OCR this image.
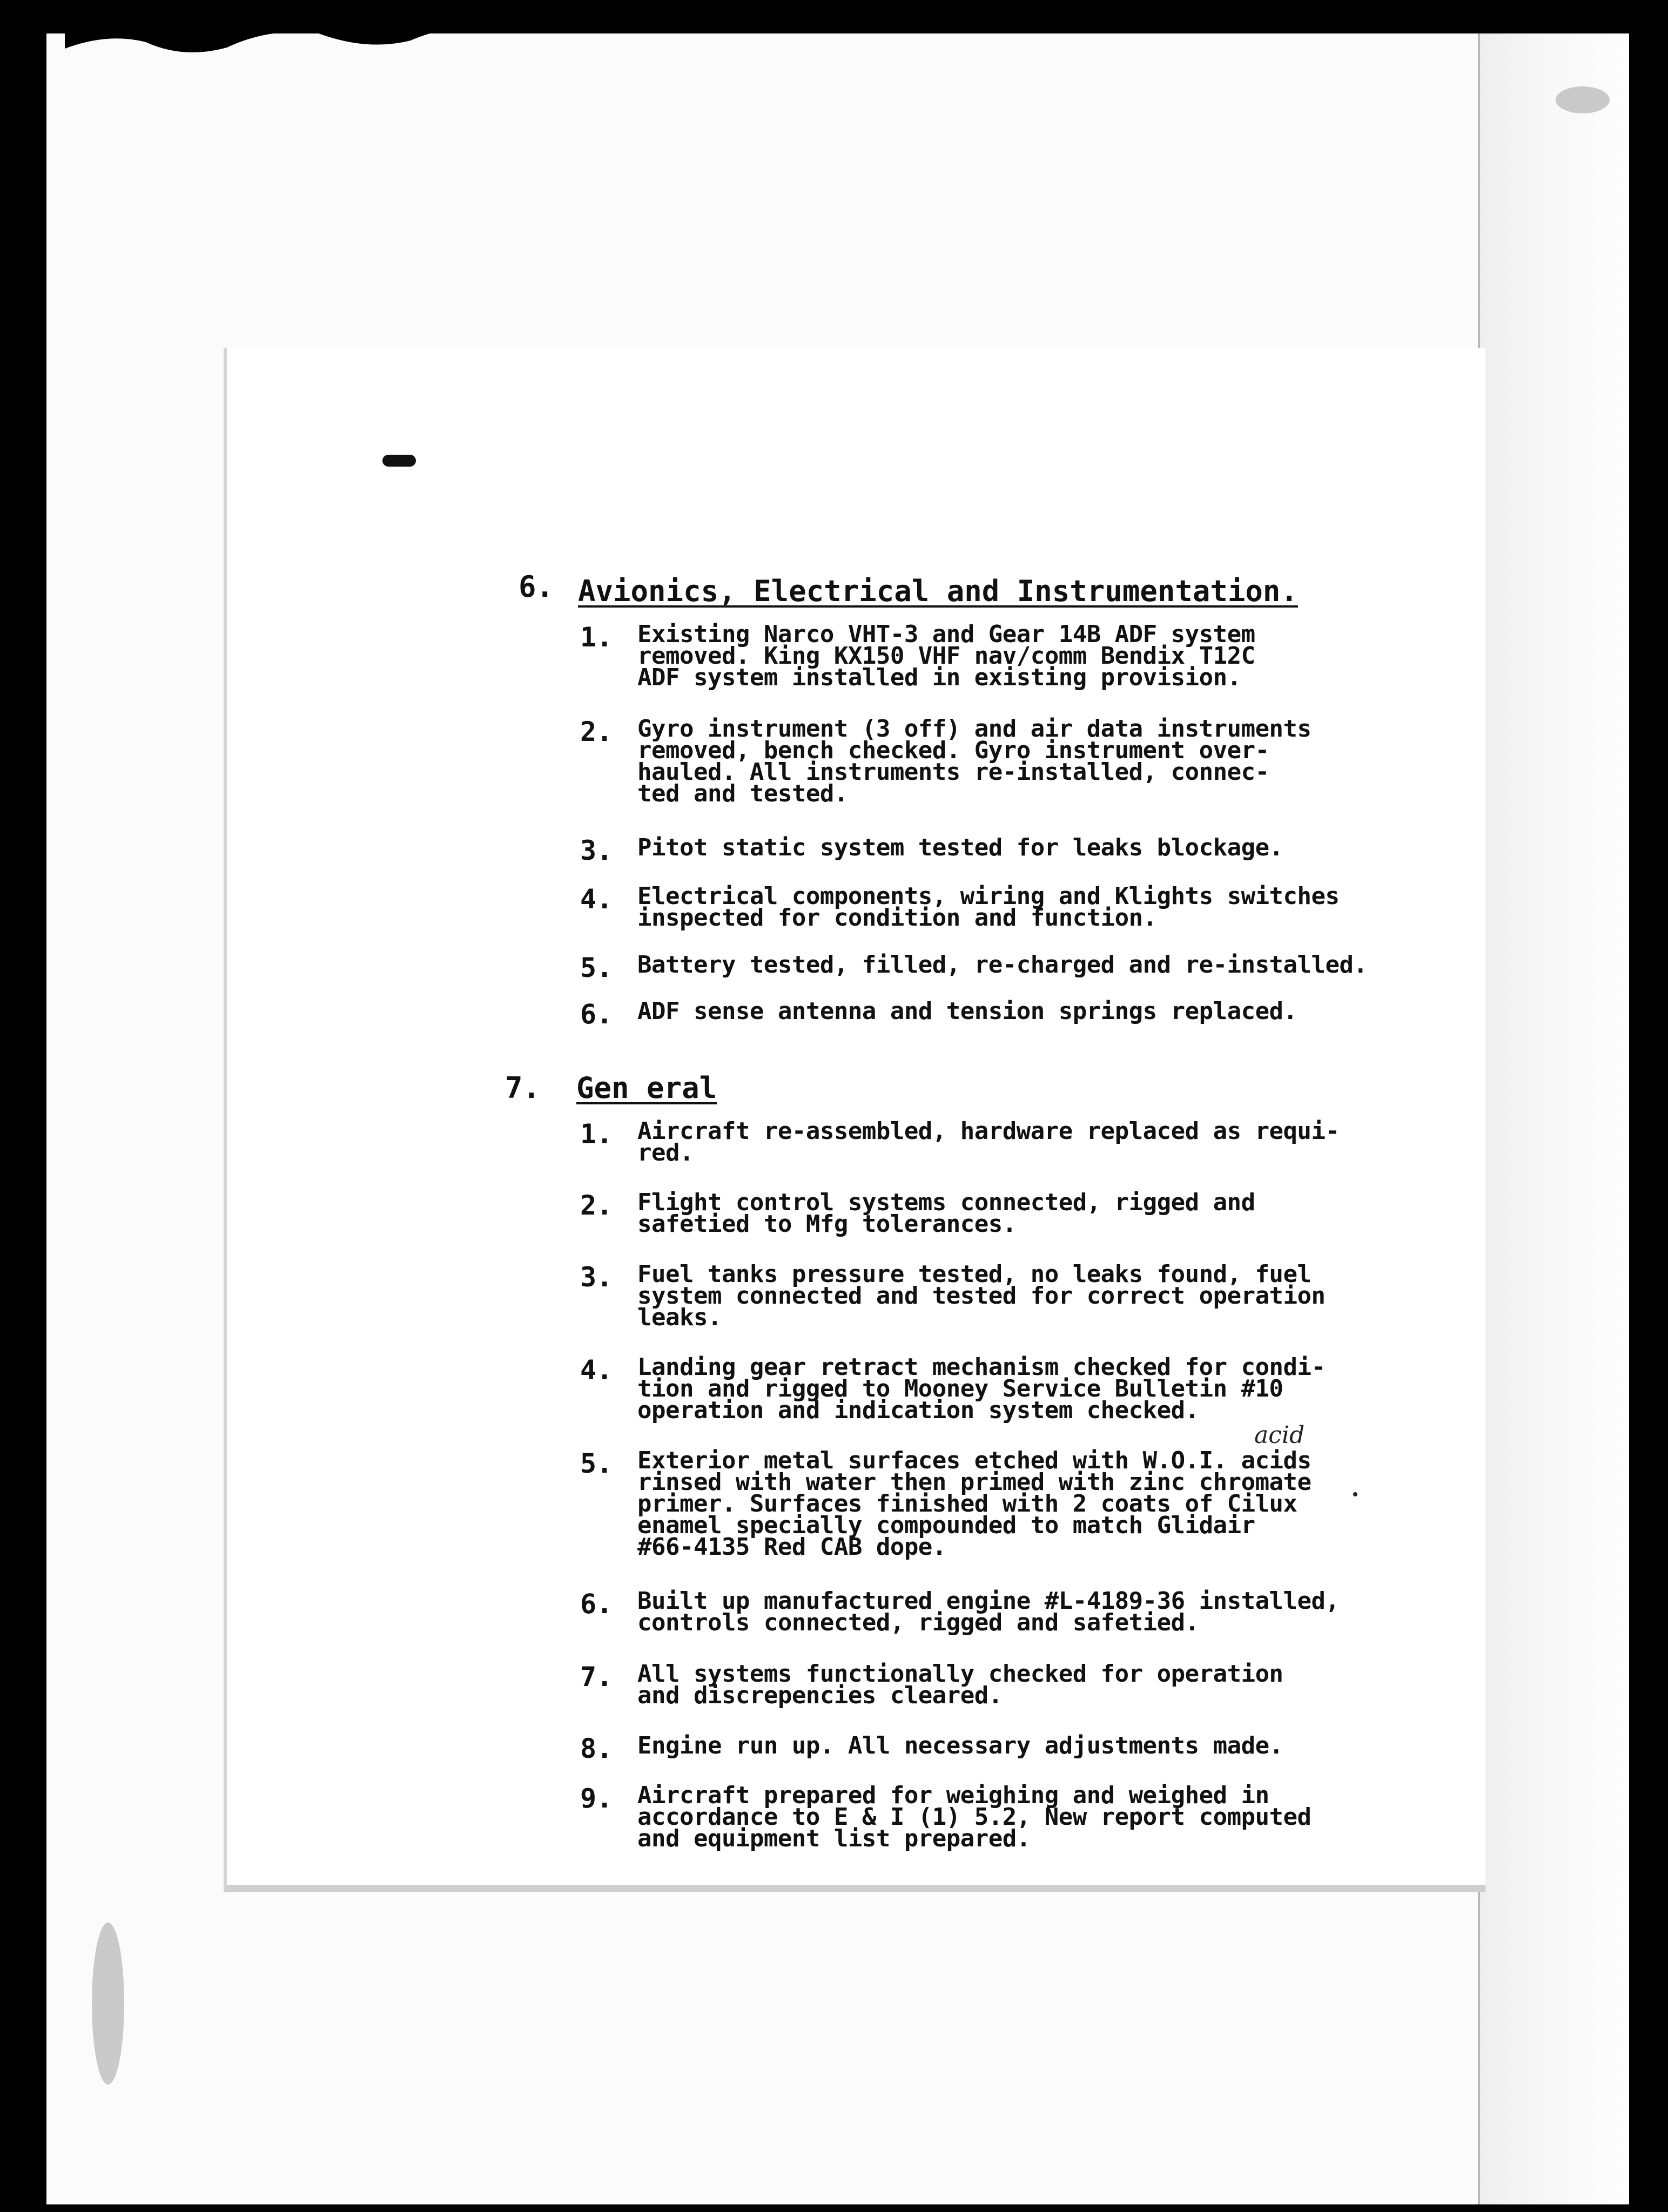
6. Avionics, Electrical and Instrumentation.
1. Existing Narco VHT-3 and Gear 14B ADF system
removed. King KX150 VHF nav/comm Bendix T12C
ADF system installed in existing provision.
2. Gyro instrument (3 off) and air data instruments
removed, bench checked. Gyro instrument over-
hauled. All instruments re-installed, connec-
ted and tested.
3. Pitot static system tested for leaks blockage.
4. Electrical components, wiring and Klights switches
inspected for condition and function.
5. Battery tested, filled, re-charged and re-installed.
6. ADF sense antenna and tension springs replaced.
7. Gen eral
1. Aircraft re-assembled, hardware replaced as requi-
red.
2. Flight control systems connected, rigged and
safetied to Mfg tolerances.
3. Fuel tanks pressure tested, no leaks found, fuel
system connected and tested for correct operation
leaks.
4. Landing gear retract mechanism checked for condi-
tion and rigged to Mooney Service Bulletin #10
operation and indication system checked.
5. Exterior metal surfaces etched with W.O.I. acids
rinsed with water then primed with zinc chromate
primer. Surfaces finished with 2 coats of Cilux
enamel specially compounded to match Glidair
#66-4135 Red CAB dope.
6. Built up manufactured engine #L-4189-36 installed,
controls connected, rigged and safetied.
7. All systems functionally checked for operation
and discrepencies cleared.
8. Engine run up. All necessary adjustments made.
9. Aircraft prepared for weighing and weighed in
accordance to E & I (1) 5.2, New report computed
and equipment list prepared.
acid
